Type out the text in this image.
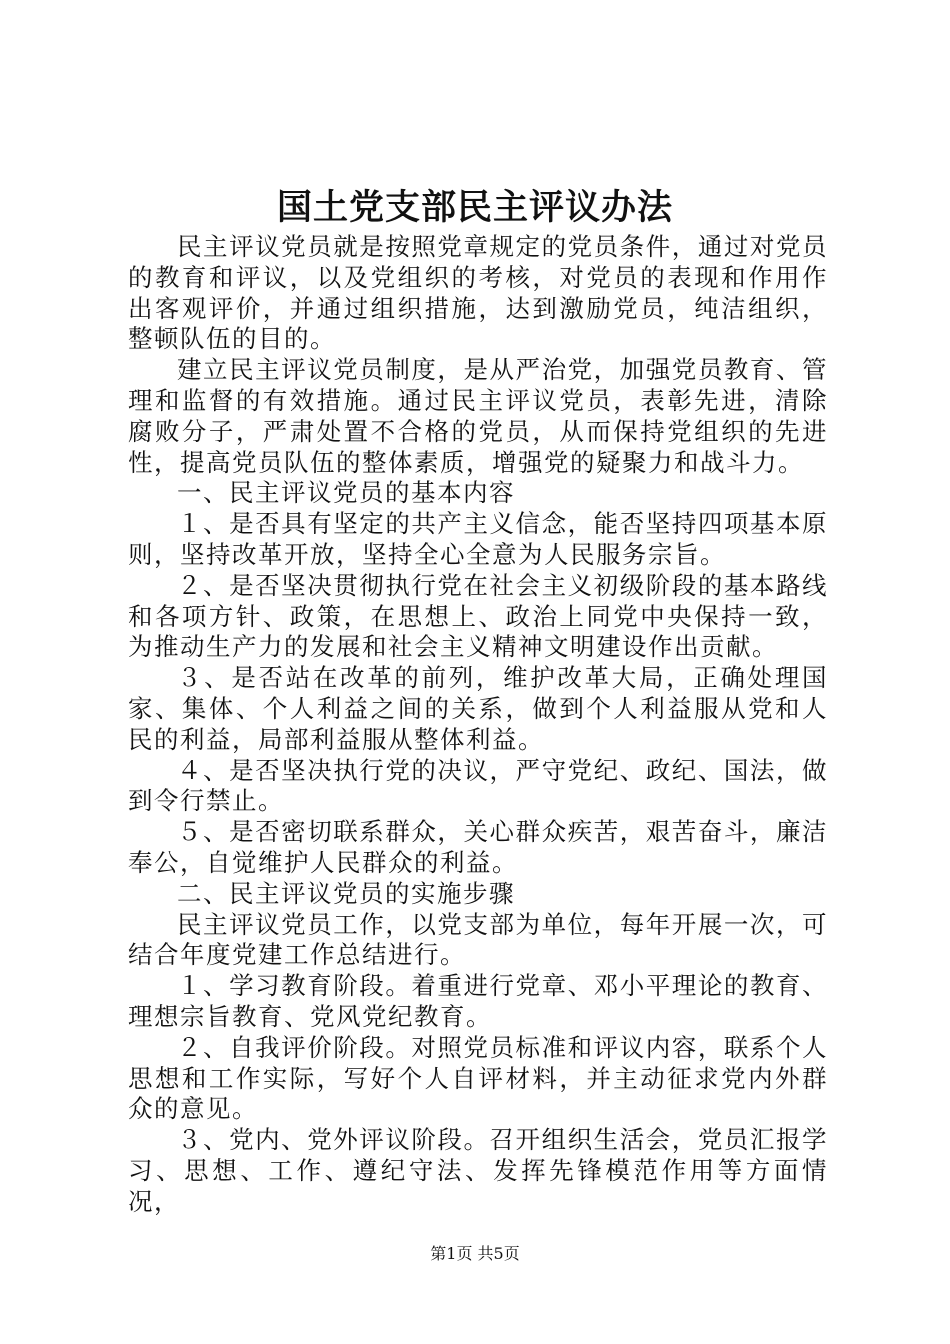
国土党支部民主评议办法

民主评议党员就是按照党章规定的党员条件，通过对党员的教育和评议，以及党组织的考核，对党员的表现和作用作出客观评价，并通过组织措施，达到激励党员，纯洁组织，整顿队伍的目的。

建立民主评议党员制度，是从严治党，加强党员教育、管理和监督的有效措施。通过民主评议党员，表彰先进，清除腐败分子，严肃处置不合格的党员，从而保持党组织的先进性，提高党员队伍的整体素质，增强党的疑聚力和战斗力。

一、民主评议党员的基本内容

１、是否具有坚定的共产主义信念，能否坚持四项基本原则，坚持改革开放，坚持全心全意为人民服务宗旨。

２、是否坚决贯彻执行党在社会主义初级阶段的基本路线和各项方针、政策，在思想上、政治上同党中央保持一致，为推动生产力的发展和社会主义精神文明建设作出贡献。

３、是否站在改革的前列，维护改革大局，正确处理国家、集体、个人利益之间的关系，做到个人利益服从党和人民的利益，局部利益服从整体利益。

４、是否坚决执行党的决议，严守党纪、政纪、国法，做到令行禁止。

５、是否密切联系群众，关心群众疾苦，艰苦奋斗，廉洁奉公，自觉维护人民群众的利益。

二、民主评议党员的实施步骤

民主评议党员工作，以党支部为单位，每年开展一次，可结合年度党建工作总结进行。

１、学习教育阶段。着重进行党章、邓小平理论的教育、理想宗旨教育、党风党纪教育。

２、自我评价阶段。对照党员标准和评议内容，联系个人思想和工作实际，写好个人自评材料，并主动征求党内外群众的意见。

３、党内、党外评议阶段。召开组织生活会，党员汇报学习、思想、工作、遵纪守法、发挥先锋模范作用等方面情况，

第1页 共5页
